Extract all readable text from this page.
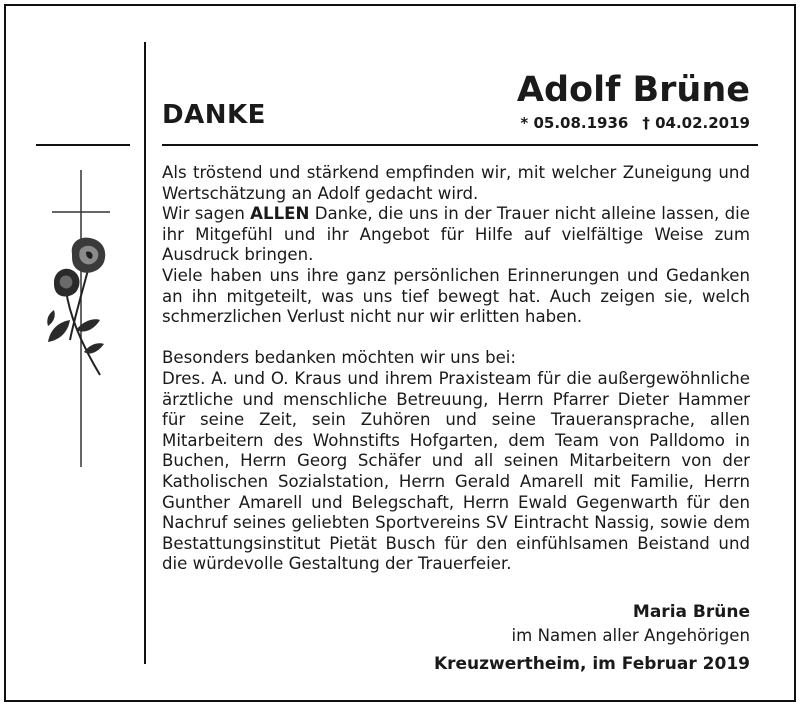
DANKE
Adolf Brüne
* 05.08.1936 † 04.02.2019

Als tröstend und stärkend empfinden wir, mit welcher Zuneigung und Wertschätzung an Adolf gedacht wird.

Wir sagen ALLEN Danke, die uns in der Trauer nicht alleine lassen, die ihr Mitgefühl und ihr Angebot für Hilfe auf vielfältige Weise zum Ausdruck bringen.

Viele haben uns ihre ganz persönlichen Erinnerungen und Gedanken an ihn mitgeteilt, was uns tief bewegt hat. Auch zeigen sie, welch schmerzlichen Verlust nicht nur wir erlitten haben.

Besonders bedanken möchten wir uns bei:

Dres. A. und O. Kraus und ihrem Praxisteam für die außergewöhnliche ärztliche und menschliche Betreuung, Herrn Pfarrer Dieter Hammer für seine Zeit, sein Zuhören und seine Traueransprache, allen Mitarbeitern des Wohnstifts Hofgarten, dem Team von Palldomo in Buchen, Herrn Georg Schäfer und all seinen Mitarbeitern von der Katholischen Sozialstation, Herrn Gerald Amarell mit Familie, Herrn Gunther Amarell und Belegschaft, Herrn Ewald Gegenwarth für den Nachruf seines geliebten Sportvereins SV Eintracht Nassig, sowie dem Bestattungsinstitut Pietät Busch für den einfühlsamen Beistand und die würdevolle Gestaltung der Trauerfeier.

Maria Brüne
im Namen aller Angehörigen
Kreuzwertheim, im Februar 2019
